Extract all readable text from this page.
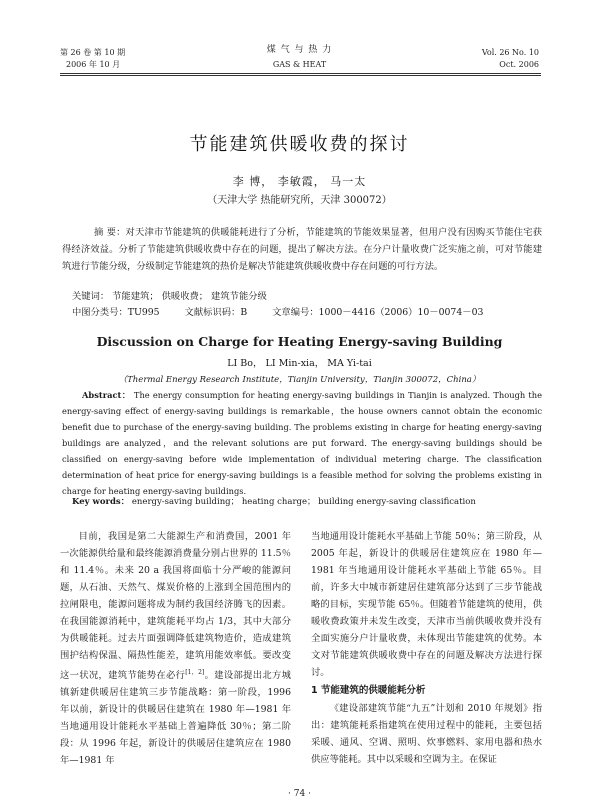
第 26 卷 第 10 期
2006 年 10 月
煤 气 与 热 力
GAS & HEAT
Vol. 26 No. 10
Oct. 2006
节能建筑供暖收费的探讨
李 博， 李敏霞， 马一太
（天津大学 热能研究所，天津 300072）
摘 要：对天津市节能建筑的供暖能耗进行了分析，节能建筑的节能效果显著，但用户没有因购买节能住宅获得经济效益。分析了节能建筑供暖收费中存在的问题，提出了解决方法。在分户计量收费广泛实施之前，可对节能建筑进行节能分级，分级制定节能建筑的热价是解决节能建筑供暖收费中存在问题的可行方法。
关键词： 节能建筑； 供暖收费； 建筑节能分级
中图分类号：TU995	文献标识码：B	文章编号：1000－4416（2006）10－0074－03
Discussion on Charge for Heating Energy-saving Building
LI Bo， LI Min-xia， MA Yi-tai
（Thermal Energy Research Institute，Tianjin University，Tianjin 300072，China）
Abstract： The energy consumption for heating energy-saving buildings in Tianjin is analyzed. Though the energy-saving effect of energy-saving buildings is remarkable，the house owners cannot obtain the economic benefit due to purchase of the energy-saving building. The problems existing in charge for heating energy-saving buildings are analyzed，and the relevant solutions are put forward. The energy-saving buildings should be classified on energy-saving before wide implementation of individual metering charge. The classification determination of heat price for energy-saving buildings is a feasible method for solving the problems existing in charge for heating energy-saving buildings.
Key words： energy-saving building； heating charge； building energy-saving classification

目前，我国是第二大能源生产和消费国，2001 年一次能源供给量和最终能源消费量分别占世界的 11.5％和 11.4％。未来 20 a 我国将面临十分严峻的能源问题，从石油、天然气、煤炭价格的上涨到全国范围内的拉闸限电，能源问题将成为制约我国经济腾飞的因素。在我国能源消耗中，建筑能耗平均占 1/3，其中大部分为供暖能耗。过去片面强调降低建筑物造价，造成建筑围护结构保温、隔热性能差，建筑用能效率低。要改变这一状况，建筑节能势在必行[1，2]。建设部提出北方城镇新建供暖居住建筑三步节能战略：第一阶段，1996 年以前，新设计的供暖居住建筑在 1980 年—1981 年当地通用设计能耗水平基础上普遍降低 30％；第二阶段：从 1996 年起，新设计的供暖居住建筑应在 1980 年—1981 年

当地通用设计能耗水平基础上节能 50％；第三阶段，从 2005 年起，新设计的供暖居住建筑应在 1980 年—1981 年当地通用设计能耗水平基础上节能 65％。目前，许多大中城市新建居住建筑部分达到了三步节能战略的目标，实现节能 65％。但随着节能建筑的使用，供暖收费政策并未发生改变，天津市当前供暖收费并没有全面实施分户计量收费，未体现出节能建筑的优势。本文对节能建筑供暖收费中存在的问题及解决方法进行探讨。

1 节能建筑的供暖能耗分析

《建设部建筑节能“九五”计划和 2010 年规划》指出：建筑能耗系指建筑在使用过程中的能耗，主要包括采暖、通风、空调、照明、炊事燃料、家用电器和热水供应等能耗。其中以采暖和空调为主。在保证

· 74 ·
